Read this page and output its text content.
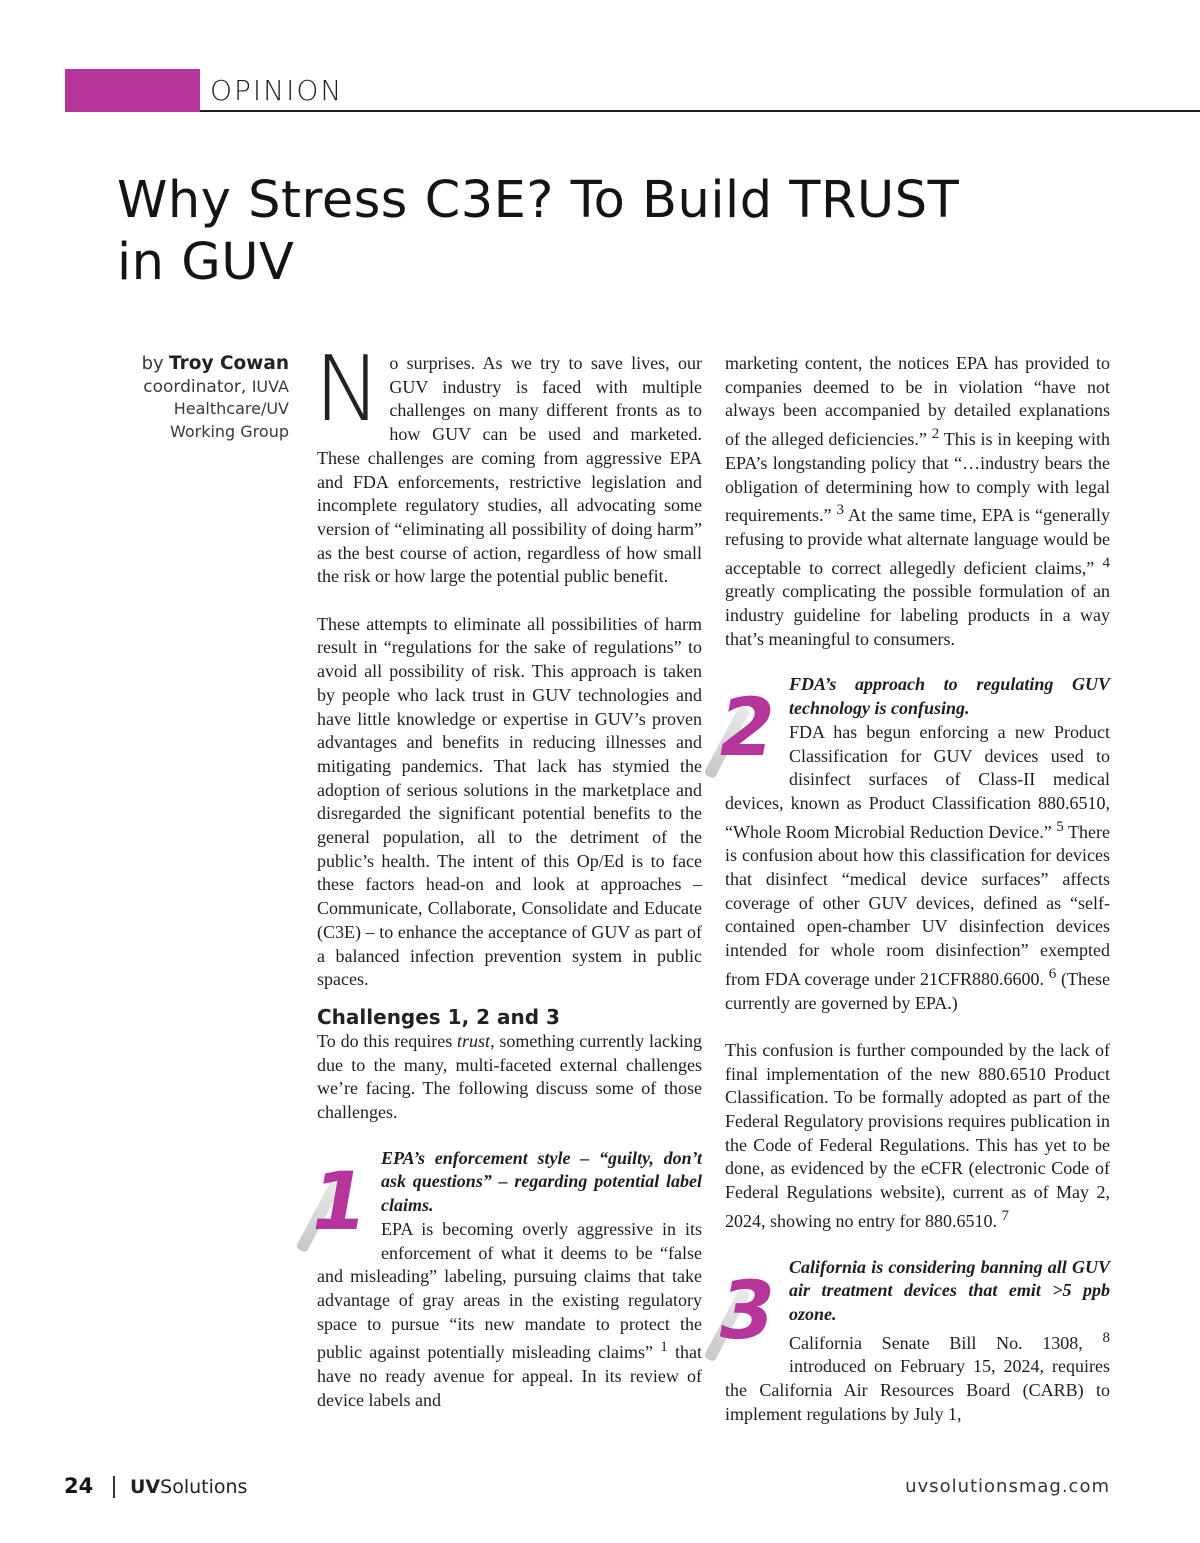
OPINION
Why Stress C3E? To Build TRUST
in GUV
by Troy Cowan
coordinator, IUVA
Healthcare/UV
Working Group No surprises. As we try to save lives, our GUV industry is faced with multiple challenges on many different fronts as to how GUV can be used and marketed. These challenges are coming from aggressive EPA and FDA enforcements, restrictive legislation and incomplete regulatory studies, all advocating some version of “eliminating all possibility of doing harm” as the best course of action, regardless of how small the risk or how large the potential public benefit.

These attempts to eliminate all possibilities of harm result in “regulations for the sake of regulations” to avoid all possibility of risk. This approach is taken by people who lack trust in GUV technologies and have little knowledge or expertise in GUV’s proven advantages and benefits in reducing illnesses and mitigating pandemics. That lack has stymied the adoption of serious solutions in the marketplace and disregarded the significant potential benefits to the general population, all to the detriment of the public’s health. The intent of this Op/Ed is to face these factors head-on and look at approaches – Communicate, Collaborate, Consolidate and Educate (C3E) – to enhance the acceptance of GUV as part of a balanced infection prevention system in public spaces.

Challenges 1, 2 and 3

To do this requires trust, something currently lacking due to the many, multi-faceted external challenges we’re facing. The following discuss some of those challenges.

1 EPA’s enforcement style – “guilty, don’t ask questions” – regarding potential label claims.

EPA is becoming overly aggressive in its enforcement of what it deems to be “false and misleading” labeling, pursuing claims that take advantage of gray areas in the existing regulatory space to pursue “its new mandate to protect the public against potentially misleading claims” $^1$ that have no ready avenue for appeal. In its review of device labels and

marketing content, the notices EPA has provided to companies deemed to be in violation “have not always been accompanied by detailed explanations of the alleged deficiencies.” $^2$ This is in keeping with EPA’s longstanding policy that “…industry bears the obligation of determining how to comply with legal requirements.” $^3$ At the same time, EPA is “generally refusing to provide what alternate language would be acceptable to correct allegedly deficient claims,” $^4$ greatly complicating the possible formulation of an industry guideline for labeling products in a way that’s meaningful to consumers.

2 FDA’s approach to regulating GUV technology is confusing.

FDA has begun enforcing a new Product Classification for GUV devices used to disinfect surfaces of Class-II medical devices, known as Product Classification 880.6510, “Whole Room Microbial Reduction Device.” $^5$ There is confusion about how this classification for devices that disinfect “medical device surfaces” affects coverage of other GUV devices, defined as “self-contained open-chamber UV disinfection devices intended for whole room disinfection” exempted from FDA coverage under 21CFR880.6600. $^6$ (These currently are governed by EPA.)

This confusion is further compounded by the lack of final implementation of the new 880.6510 Product Classification. To be formally adopted as part of the Federal Regulatory provisions requires publication in the Code of Federal Regulations. This has yet to be done, as evidenced by the eCFR (electronic Code of Federal Regulations website), current as of May 2, 2024, showing no entry for 880.6510. $^7$

3 California is considering banning all GUV air treatment devices that emit >5 ppb ozone.

California Senate Bill No. 1308, $^8$ introduced on February 15, 2024, requires the California Air Resources Board (CARB) to implement regulations by July 1,

24 UVSolutions	uvsolutionsmag.com
